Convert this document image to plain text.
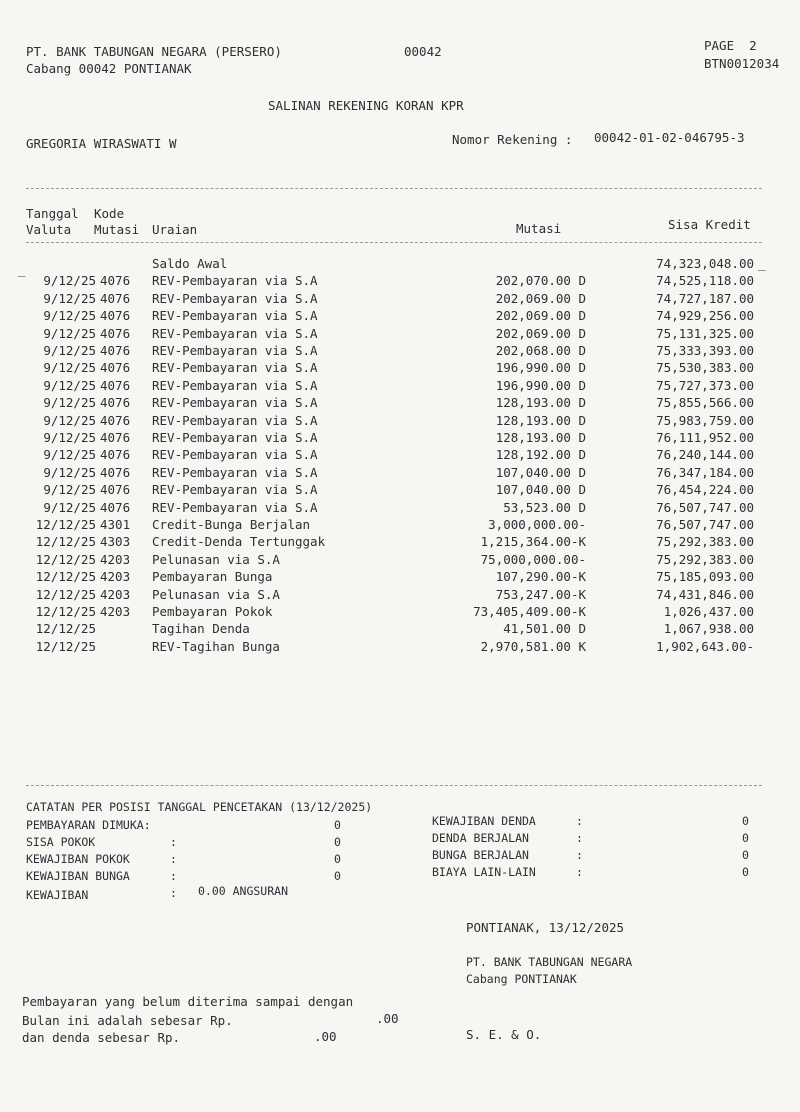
PT. BANK TABUNGAN NEGARA (PERSERO)
Cabang 00042 PONTIANAK
00042	PAGE  2
BTN0012034
SALINAN REKENING KORAN KPR
GREGORIA WIRASWATI W	Nomor Rekening : 00042-01-02-046795-3
Tanggal Kode
Valuta Mutasi Uraian	Mutasi	Sisa Kredit
_	_
Saldo Awal	74,323,048.00
9/12/25 4076 REV-Pembayaran via S.A	202,070.00 D	74,525,118.00
9/12/25 4076 REV-Pembayaran via S.A	202,069.00 D	74,727,187.00
9/12/25 4076 REV-Pembayaran via S.A	202,069.00 D	74,929,256.00
9/12/25 4076 REV-Pembayaran via S.A	202,069.00 D	75,131,325.00
9/12/25 4076 REV-Pembayaran via S.A	202,068.00 D	75,333,393.00
9/12/25 4076 REV-Pembayaran via S.A	196,990.00 D	75,530,383.00
9/12/25 4076 REV-Pembayaran via S.A	196,990.00 D	75,727,373.00
9/12/25 4076 REV-Pembayaran via S.A	128,193.00 D	75,855,566.00
9/12/25 4076 REV-Pembayaran via S.A	128,193.00 D	75,983,759.00
9/12/25 4076 REV-Pembayaran via S.A	128,193.00 D	76,111,952.00
9/12/25 4076 REV-Pembayaran via S.A	128,192.00 D	76,240,144.00
9/12/25 4076 REV-Pembayaran via S.A	107,040.00 D	76,347,184.00
9/12/25 4076 REV-Pembayaran via S.A	107,040.00 D	76,454,224.00
9/12/25 4076 REV-Pembayaran via S.A	53,523.00 D	76,507,747.00
12/12/25 4301 Credit-Bunga Berjalan	3,000,000.00-	76,507,747.00
12/12/25 4303 Credit-Denda Tertunggak	1,215,364.00-K	75,292,383.00
12/12/25 4203 Pelunasan via S.A	75,000,000.00-	75,292,383.00
12/12/25 4203 Pembayaran Bunga	107,290.00-K	75,185,093.00
12/12/25 4203 Pelunasan via S.A	753,247.00-K	74,431,846.00
12/12/25 4203 Pembayaran Pokok	73,405,409.00-K	1,026,437.00
12/12/25	Tagihan Denda	41,501.00 D	1,067,938.00
12/12/25	REV-Tagihan Bunga	2,970,581.00 K	1,902,643.00-
CATATAN PER POSISI TANGGAL PENCETAKAN (13/12/2025)
PEMBAYARAN DIMUKA:	0
SISA POKOK	:	0
KEWAJIBAN POKOK	:	0
KEWAJIBAN BUNGA	:	0
KEWAJIBAN DENDA	:	0
DENDA BERJALAN	:	0
BUNGA BERJALAN	:	0
BIAYA LAIN-LAIN	:	0
KEWAJIBAN	: 0.00 ANGSURAN
PONTIANAK, 13/12/2025
PT. BANK TABUNGAN NEGARA
Cabang PONTIANAK
Pembayaran yang belum diterima sampai dengan
Bulan ini adalah sebesar Rp.	.00
dan denda sebesar Rp.	.00	S. E. & O.
